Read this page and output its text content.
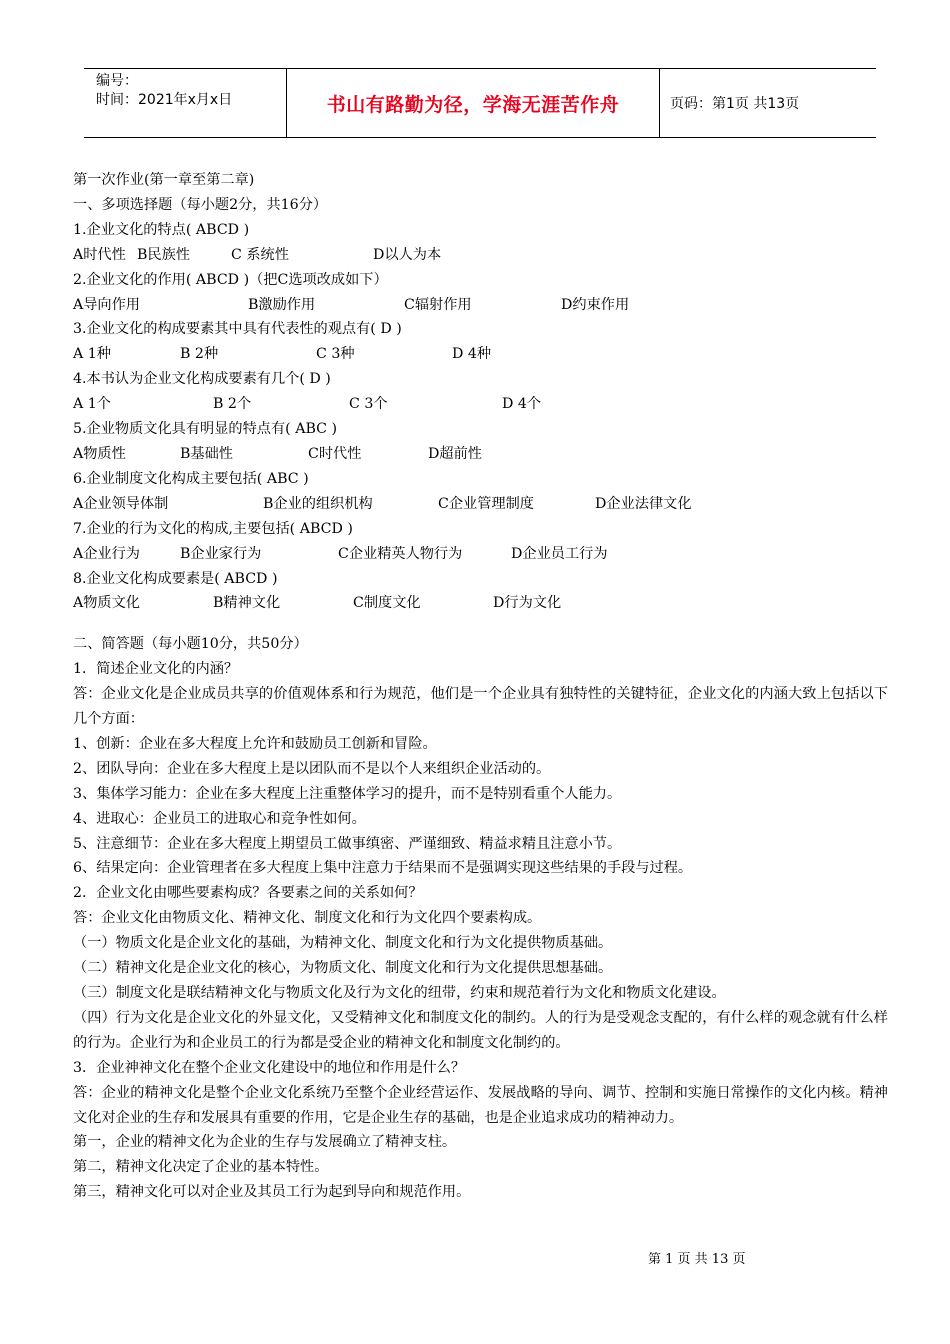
编号：
时间：2021年x月x日	书山有路勤为径，学海无涯苦作舟	页码：第1页 共13页
第一次作业(第一章至第二章)
一、多项选择题（每小题2分，共16分）
1.企业文化的特点( ABCD )
A时代性 B民族性	C 系统性	D以人为本
2.企业文化的作用( ABCD )（把C选项改成如下）
A导向作用	B激励作用	C辐射作用	D约束作用
3.企业文化的构成要素其中具有代表性的观点有( D )
A 1种	B 2种	C 3种	D 4种
4.本书认为企业文化构成要素有几个( D )
A 1个	B 2个	C 3个	D 4个
5.企业物质文化具有明显的特点有( ABC )
A物质性	B基础性	C时代性	D超前性
6.企业制度文化构成主要包括( ABC )
A企业领导体制	B企业的组织机构	C企业管理制度	D企业法律文化
7.企业的行为文化的构成,主要包括( ABCD )
A企业行为	B企业家行为	C企业精英人物行为	D企业员工行为
8.企业文化构成要素是( ABCD )
A物质文化	B精神文化	C制度文化	D行为文化
二、简答题（每小题10分，共50分）
1．简述企业文化的内涵？
答：企业文化是企业成员共享的价值观体系和行为规范，他们是一个企业具有独特性的关键特征，企业文化的内涵大致上包括以下几个方面：
1、创新：企业在多大程度上允许和鼓励员工创新和冒险。
2、团队导向：企业在多大程度上是以团队而不是以个人来组织企业活动的。
3、集体学习能力：企业在多大程度上注重整体学习的提升，而不是特别看重个人能力。
4、进取心：企业员工的进取心和竞争性如何。
5、注意细节：企业在多大程度上期望员工做事缜密、严谨细致、精益求精且注意小节。
6、结果定向：企业管理者在多大程度上集中注意力于结果而不是强调实现这些结果的手段与过程。
2．企业文化由哪些要素构成？各要素之间的关系如何？
答：企业文化由物质文化、精神文化、制度文化和行为文化四个要素构成。
（一）物质文化是企业文化的基础，为精神文化、制度文化和行为文化提供物质基础。
（二）精神文化是企业文化的核心，为物质文化、制度文化和行为文化提供思想基础。
（三）制度文化是联结精神文化与物质文化及行为文化的纽带，约束和规范着行为文化和物质文化建设。
（四）行为文化是企业文化的外显文化，又受精神文化和制度文化的制约。人的行为是受观念支配的，有什么样的观念就有什么样的行为。企业行为和企业员工的行为都是受企业的精神文化和制度文化制约的。
3．企业神神文化在整个企业文化建设中的地位和作用是什么？
答：企业的精神文化是整个企业文化系统乃至整个企业经营运作、发展战略的导向、调节、控制和实施日常操作的文化内核。精神文化对企业的生存和发展具有重要的作用，它是企业生存的基础，也是企业追求成功的精神动力。
第一，企业的精神文化为企业的生存与发展确立了精神支柱。
第二，精神文化决定了企业的基本特性。
第三，精神文化可以对企业及其员工行为起到导向和规范作用。
第 1 页 共 13 页
